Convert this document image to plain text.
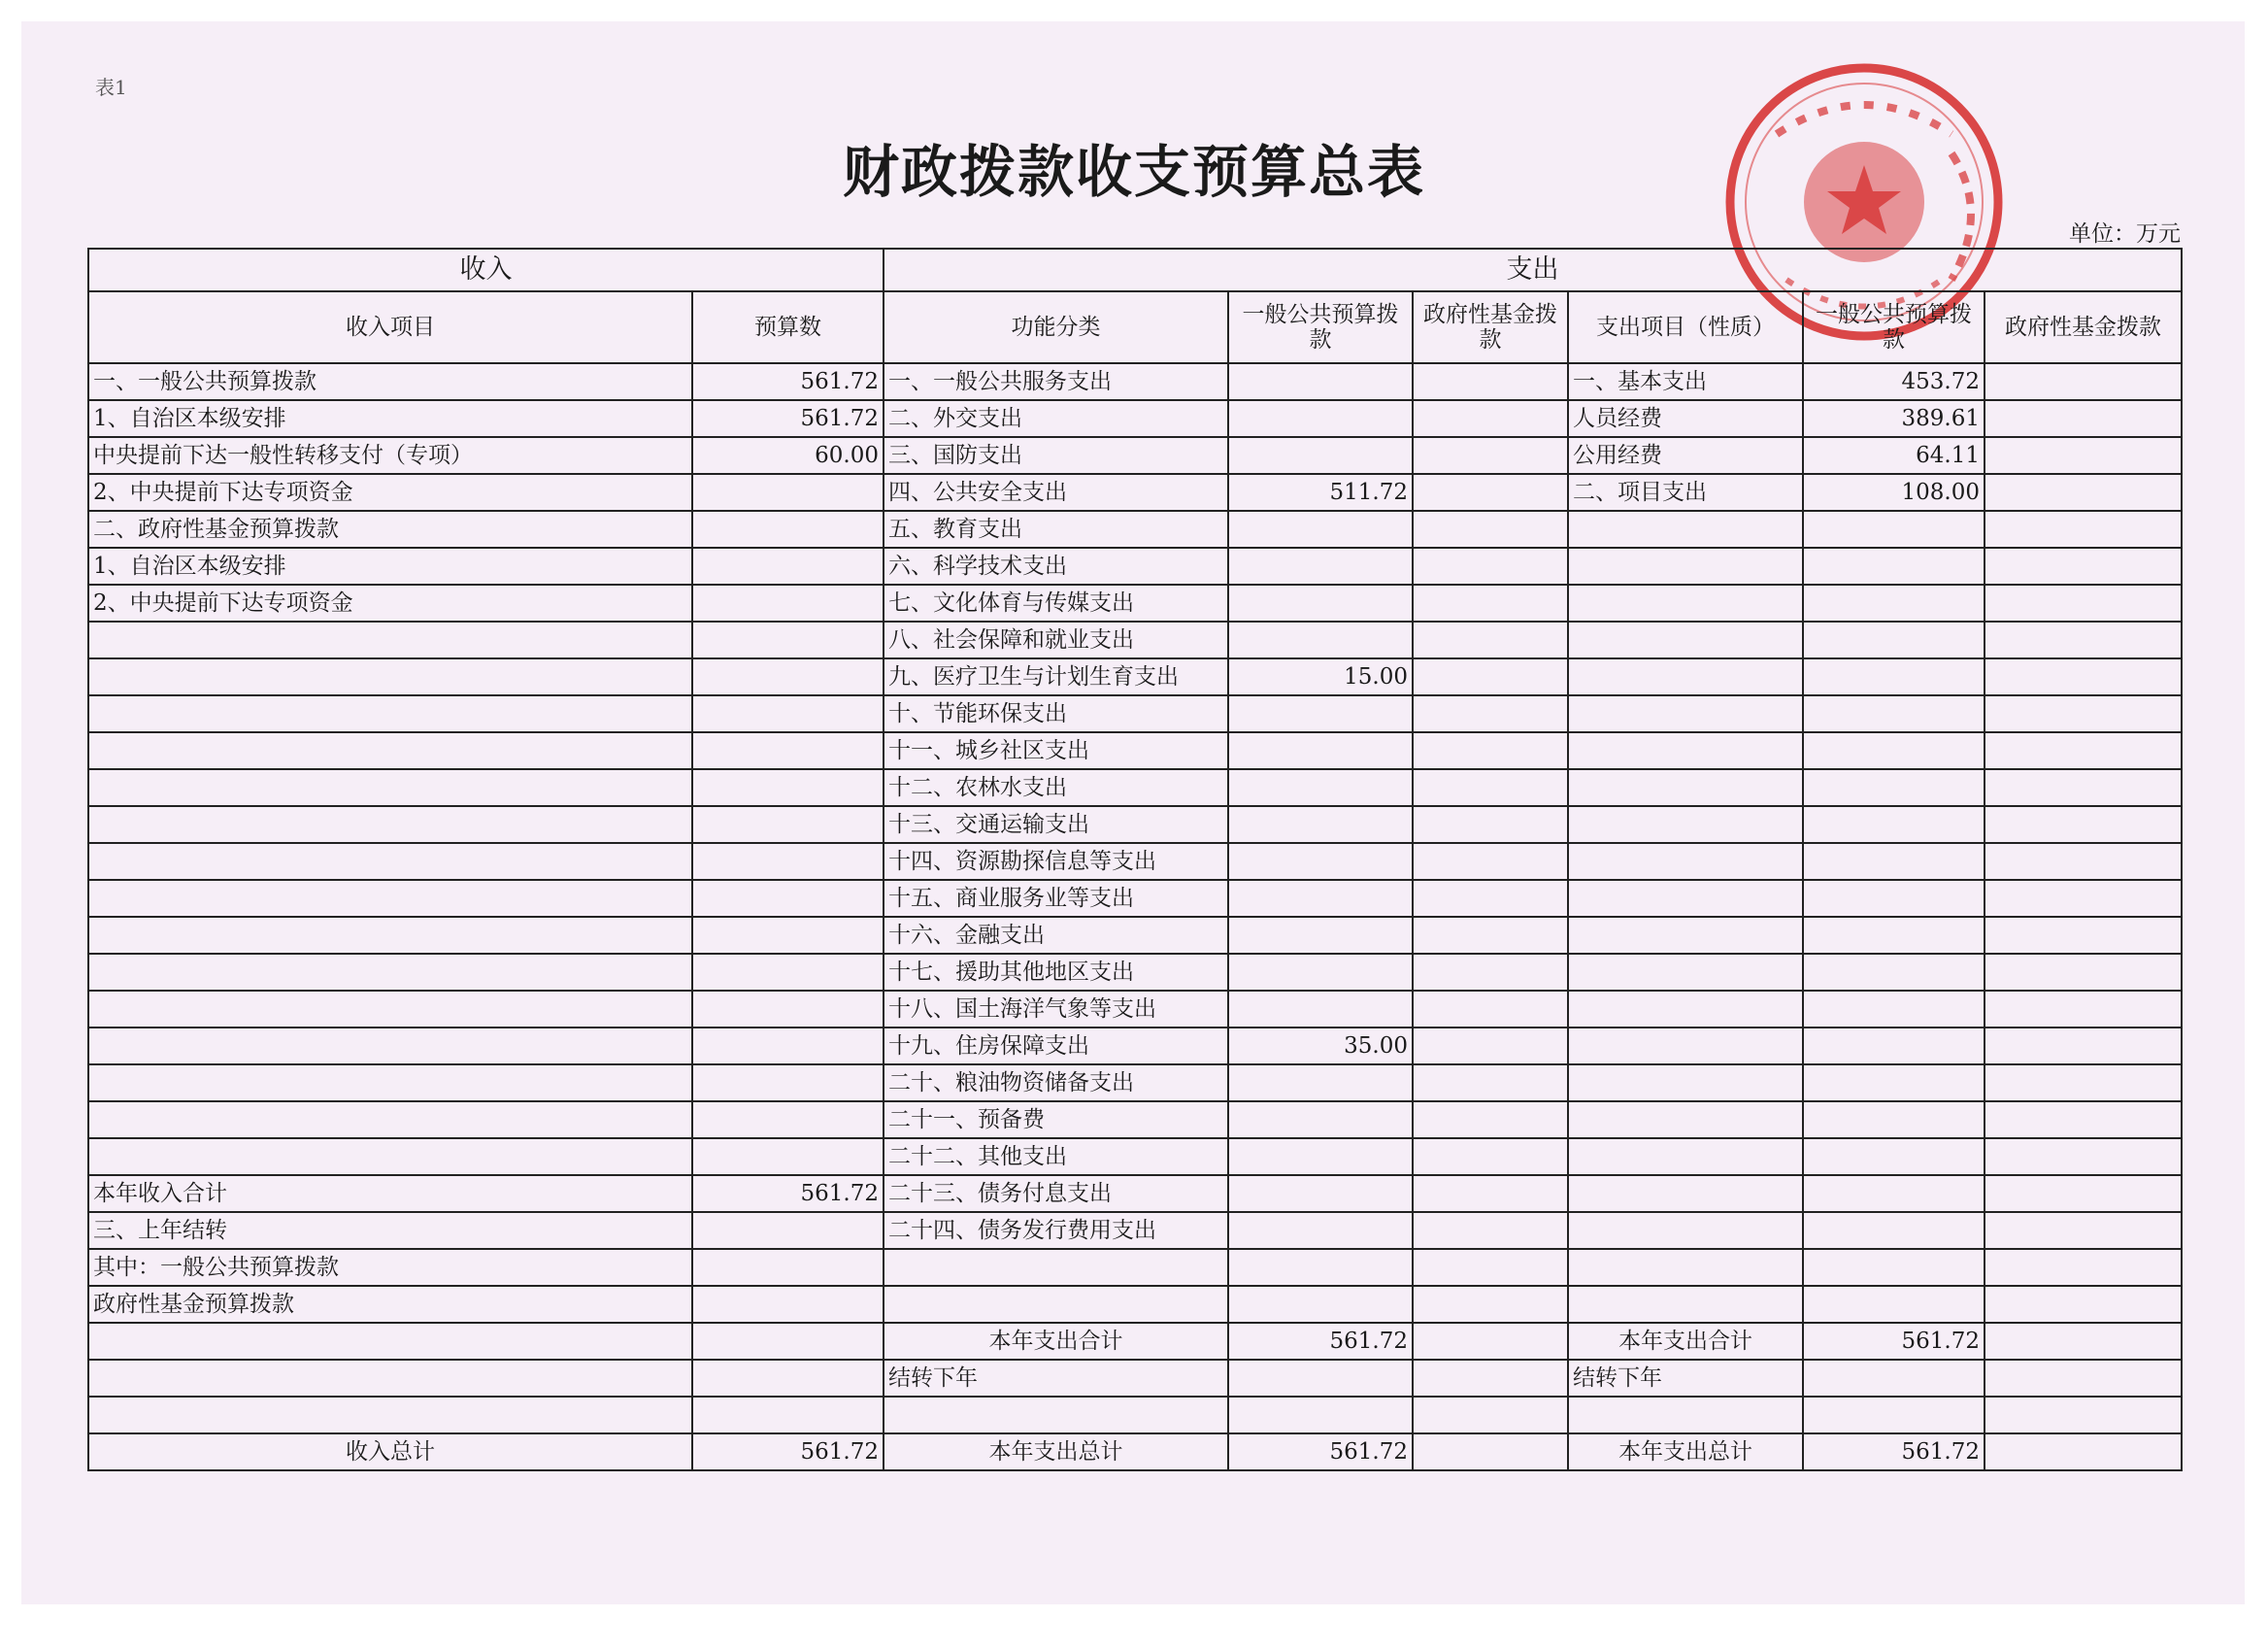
表1
财政拨款收支预算总表
单位：万元
收入		支出					
收入项目	预算数	功能分类	一般公共预算拨款	政府性基金拨款	支出项目（性质）	一般公共预算拨款	政府性基金拨款
一、一般公共预算拨款	561.72	一、一般公共服务支出			一、基本支出	453.72	
1、自治区本级安排	561.72	二、外交支出			人员经费	389.61	
中央提前下达一般性转移支付（专项）	60.00	三、国防支出			公用经费	64.11	
2、中央提前下达专项资金		四、公共安全支出	511.72		二、项目支出	108.00	
二、政府性基金预算拨款		五、教育支出					
1、自治区本级安排		六、科学技术支出					
2、中央提前下达专项资金		七、文化体育与传媒支出					
		八、社会保障和就业支出					
		九、医疗卫生与计划生育支出	15.00				
		十、节能环保支出					
		十一、城乡社区支出					
		十二、农林水支出					
		十三、交通运输支出					
		十四、资源勘探信息等支出					
		十五、商业服务业等支出					
		十六、金融支出					
		十七、援助其他地区支出					
		十八、国土海洋气象等支出					
		十九、住房保障支出	35.00				
		二十、粮油物资储备支出					
		二十一、预备费					
		二十二、其他支出					
本年收入合计	561.72	二十三、债务付息支出					
三、上年结转		二十四、债务发行费用支出					
其中：一般公共预算拨款							
政府性基金预算拨款							
		本年支出合计	561.72		本年支出合计	561.72	
		结转下年			结转下年		

收入总计	561.72	本年支出总计	561.72		本年支出总计	561.72	
